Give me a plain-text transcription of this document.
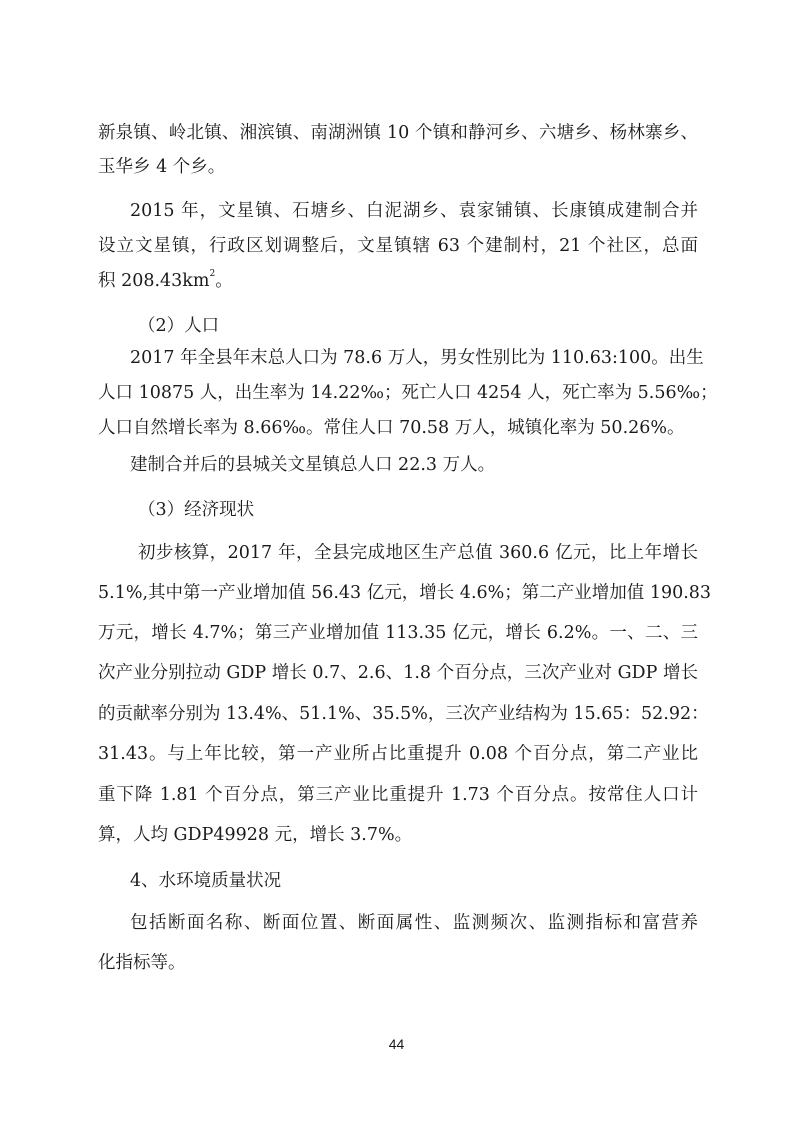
新泉镇、岭北镇、湘滨镇、南湖洲镇 10 个镇和静河乡、六塘乡、杨林寨乡、
玉华乡 4 个乡。
2015 年，文星镇、石塘乡、白泥湖乡、袁家铺镇、长康镇成建制合并
设立文星镇，行政区划调整后，文星镇辖 63 个建制村，21 个社区，总面
积 $208.43km^2$。
（2）人口
2017 年全县年末总人口为 78.6 万人，男女性别比为 110.63:100。出生
人口 10875 人，出生率为 14.22‰；死亡人口 4254 人，死亡率为 5.56‰；
人口自然增长率为 8.66‰。常住人口 70.58 万人，城镇化率为 50.26%。
建制合并后的县城关文星镇总人口 22.3 万人。
（3）经济现状
初步核算，2017 年，全县完成地区生产总值 360.6 亿元，比上年增长
5.1%,其中第一产业增加值 56.43 亿元，增长 4.6%；第二产业增加值 190.83
万元，增长 4.7%；第三产业增加值 113.35 亿元，增长 6.2%。一、二、三
次产业分别拉动 GDP 增长 0.7、2.6、1.8 个百分点，三次产业对 GDP 增长
的贡献率分别为 13.4%、51.1%、35.5%，三次产业结构为 15.65：52.92：
31.43。与上年比较，第一产业所占比重提升 0.08 个百分点，第二产业比
重下降 1.81 个百分点，第三产业比重提升 1.73 个百分点。按常住人口计
算，人均 GDP49928 元，增长 3.7%。
4、水环境质量状况
包括断面名称、断面位置、断面属性、监测频次、监测指标和富营养
化指标等。
44
